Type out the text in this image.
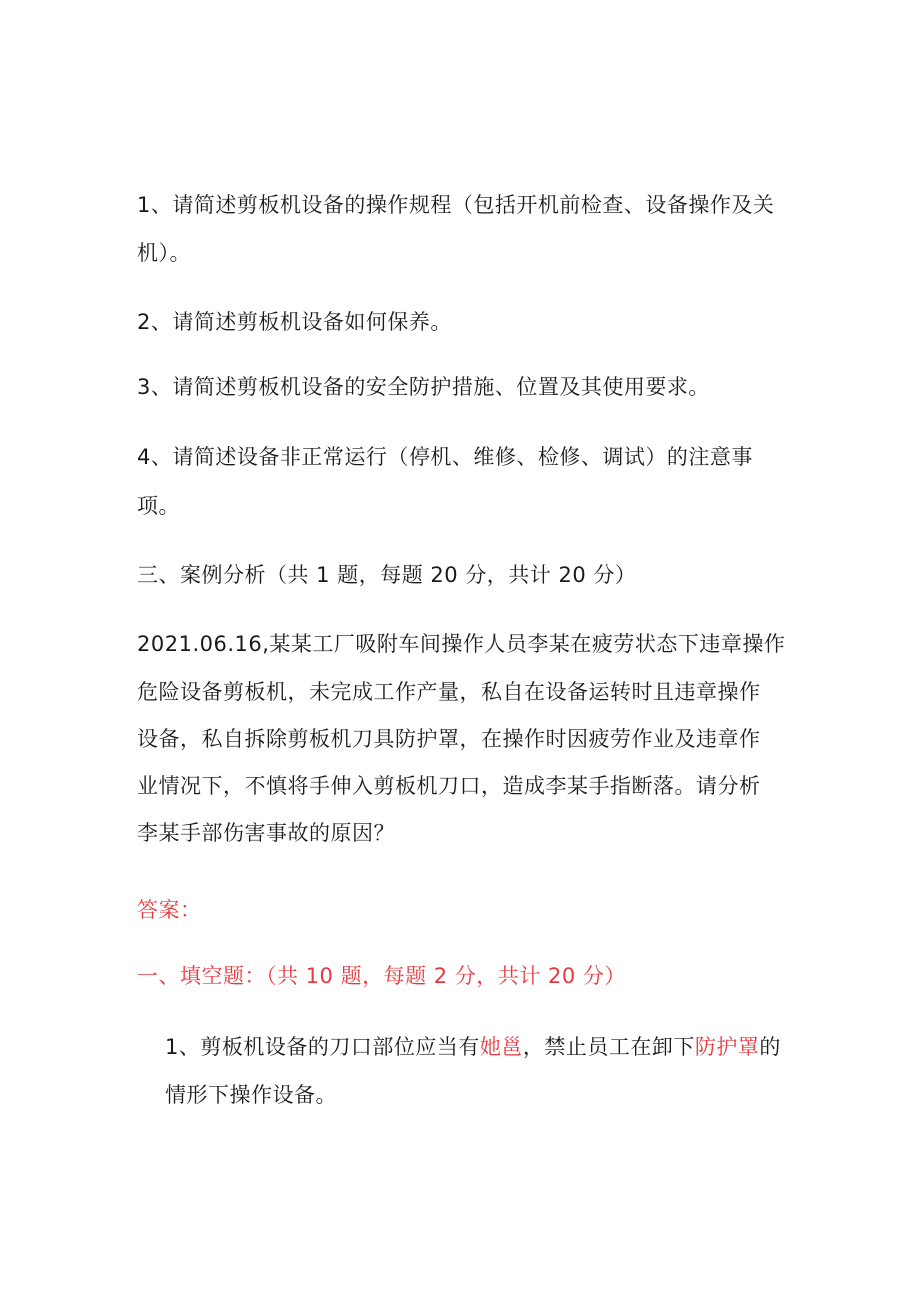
1、请简述剪板机设备的操作规程（包括开机前检查、设备操作及关
机）。
2、请简述剪板机设备如何保养。
3、请简述剪板机设备的安全防护措施、位置及其使用要求。
4、请简述设备非正常运行（停机、维修、检修、调试）的注意事
项。
三、案例分析（共 1 题，每题 20 分，共计 20 分）
2021.06.16,某某工厂吸附车间操作人员李某在疲劳状态下违章操作
危险设备剪板机，未完成工作产量，私自在设备运转时且违章操作
设备，私自拆除剪板机刀具防护罩，在操作时因疲劳作业及违章作
业情况下，不慎将手伸入剪板机刀口，造成李某手指断落。请分析
李某手部伤害事故的原因？
答案：
一、填空题：（共 10 题，每题 2 分，共计 20 分）
1、剪板机设备的刀口部位应当有她邕，禁止员工在卸下防护罩的
情形下操作设备。
